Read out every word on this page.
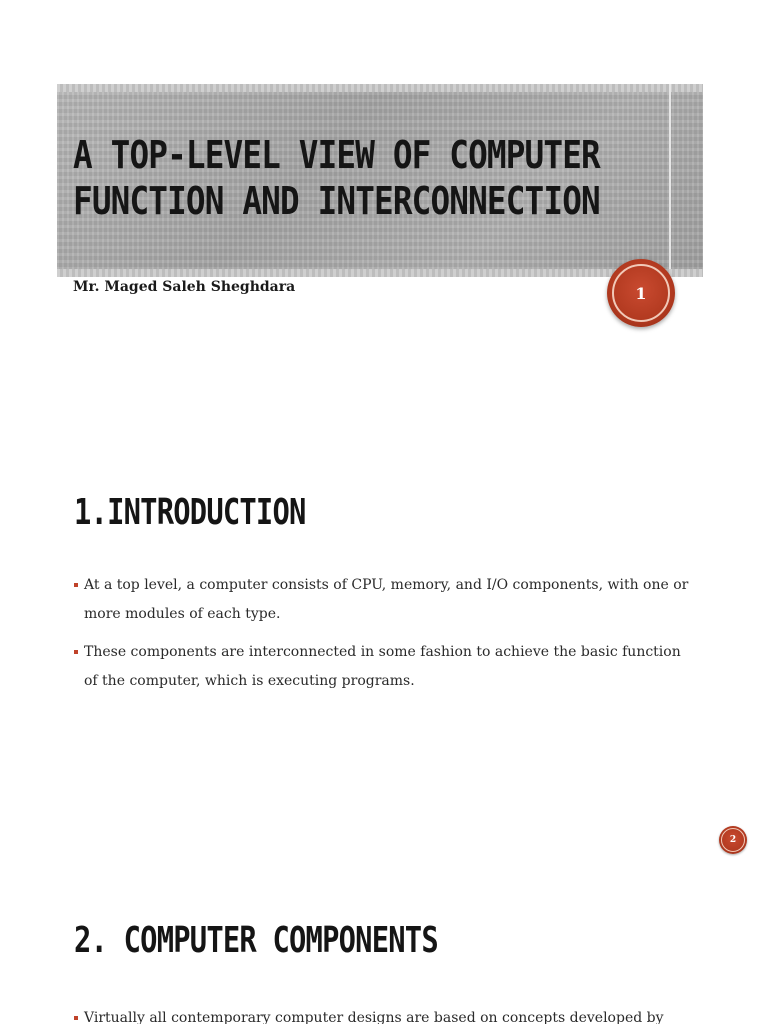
A TOP-LEVEL VIEW OF COMPUTER
FUNCTION AND INTERCONNECTION
Mr. Maged Saleh Sheghdara	1
1.INTRODUCTION
At a top level, a computer consists of CPU, memory, and I/O components, with one or more modules of each type.
These components are interconnected in some fashion to achieve the basic function of the computer, which is executing programs.
2
2. COMPUTER COMPONENTS
Virtually all contemporary computer designs are based on concepts developed by
